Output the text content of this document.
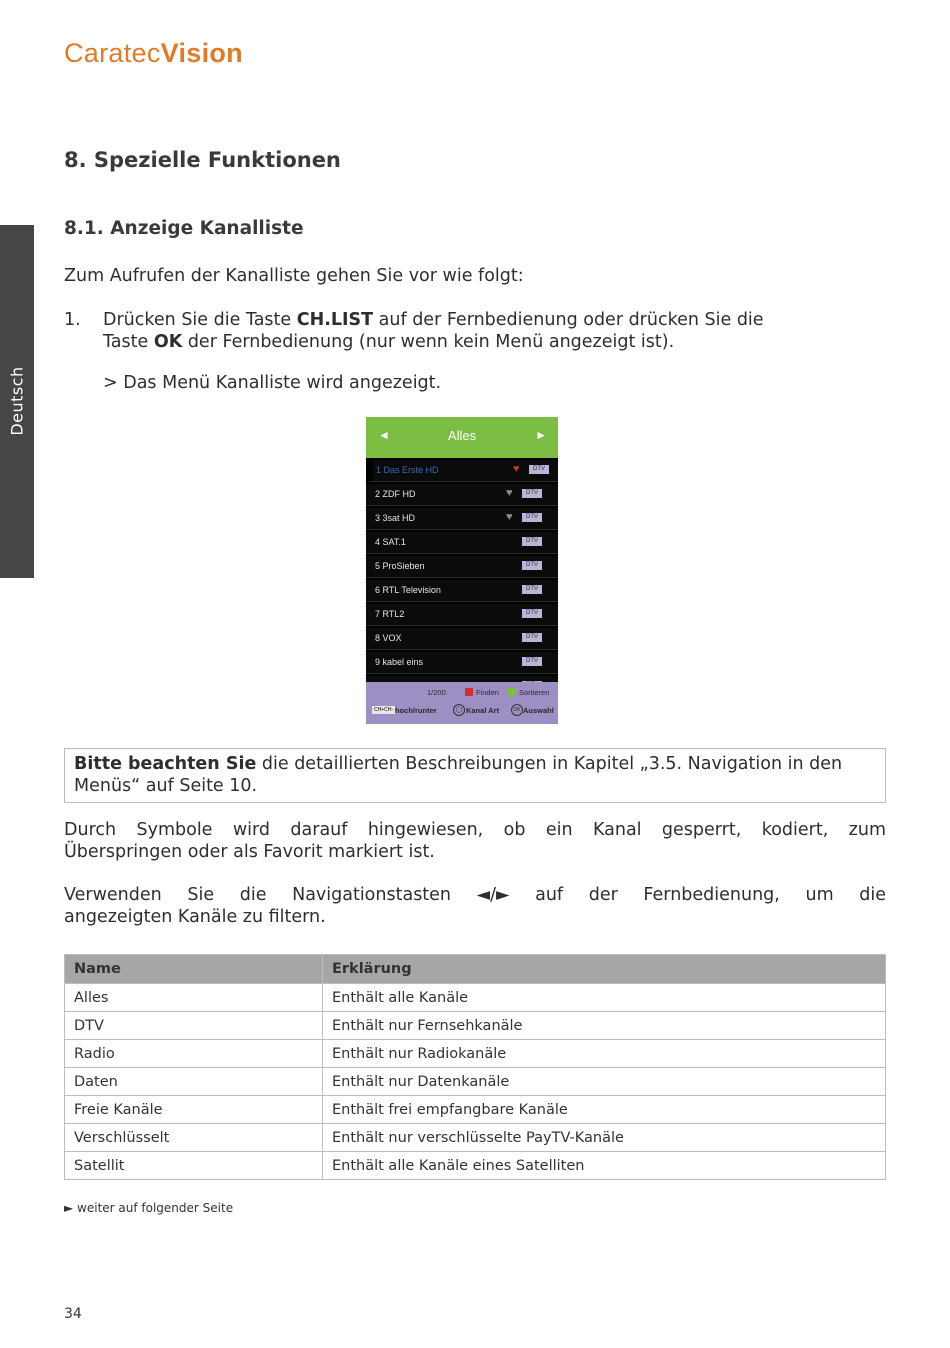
CaratecVision
Deutsch
8. Spezielle Funktionen
8.1. Anzeige Kanalliste

Zum Aufrufen der Kanalliste gehen Sie vor wie folgt:

1. Drücken Sie die Taste CH.LIST auf der Fernbedienung oder drücken Sie die

Taste OK der Fernbedienung (nur wenn kein Menü angezeigt ist).

> Das Menü Kanalliste wird angezeigt.

◄	Alles	►
1 Das Erste HD	♥	DTV
2 ZDF HD	♥	DTV
3 3sat HD	♥	DTV
4 SAT.1	DTV
5 ProSieben	DTV
6 RTL Television	DTV
7 RTL2	DTV
8 VOX	DTV
9 kabel eins	DTV
1/200	Finden	Sortieren
CH+CH- hoch/runter	◯ Kanal Art	OK Auswahl
Bitte beachten Sie die detaillierten Beschreibungen in Kapitel „3.5. Navigation in den Menüs“ auf Seite 10.

Durch Symbole wird darauf hingewiesen, ob ein Kanal gesperrt, kodiert, zum

Überspringen oder als Favorit markiert ist.

Verwenden Sie die Navigationstasten ◄/► auf der Fernbedienung, um die

angezeigten Kanäle zu filtern.

Name	Erklärung
Alles	Enthält alle Kanäle
DTV	Enthält nur Fernsehkanäle
Radio	Enthält nur Radiokanäle
Daten	Enthält nur Datenkanäle
Freie Kanäle	Enthält frei empfangbare Kanäle
Verschlüsselt	Enthält nur verschlüsselte PayTV-Kanäle
Satellit	Enthält alle Kanäle eines Satelliten
► weiter auf folgender Seite
34
